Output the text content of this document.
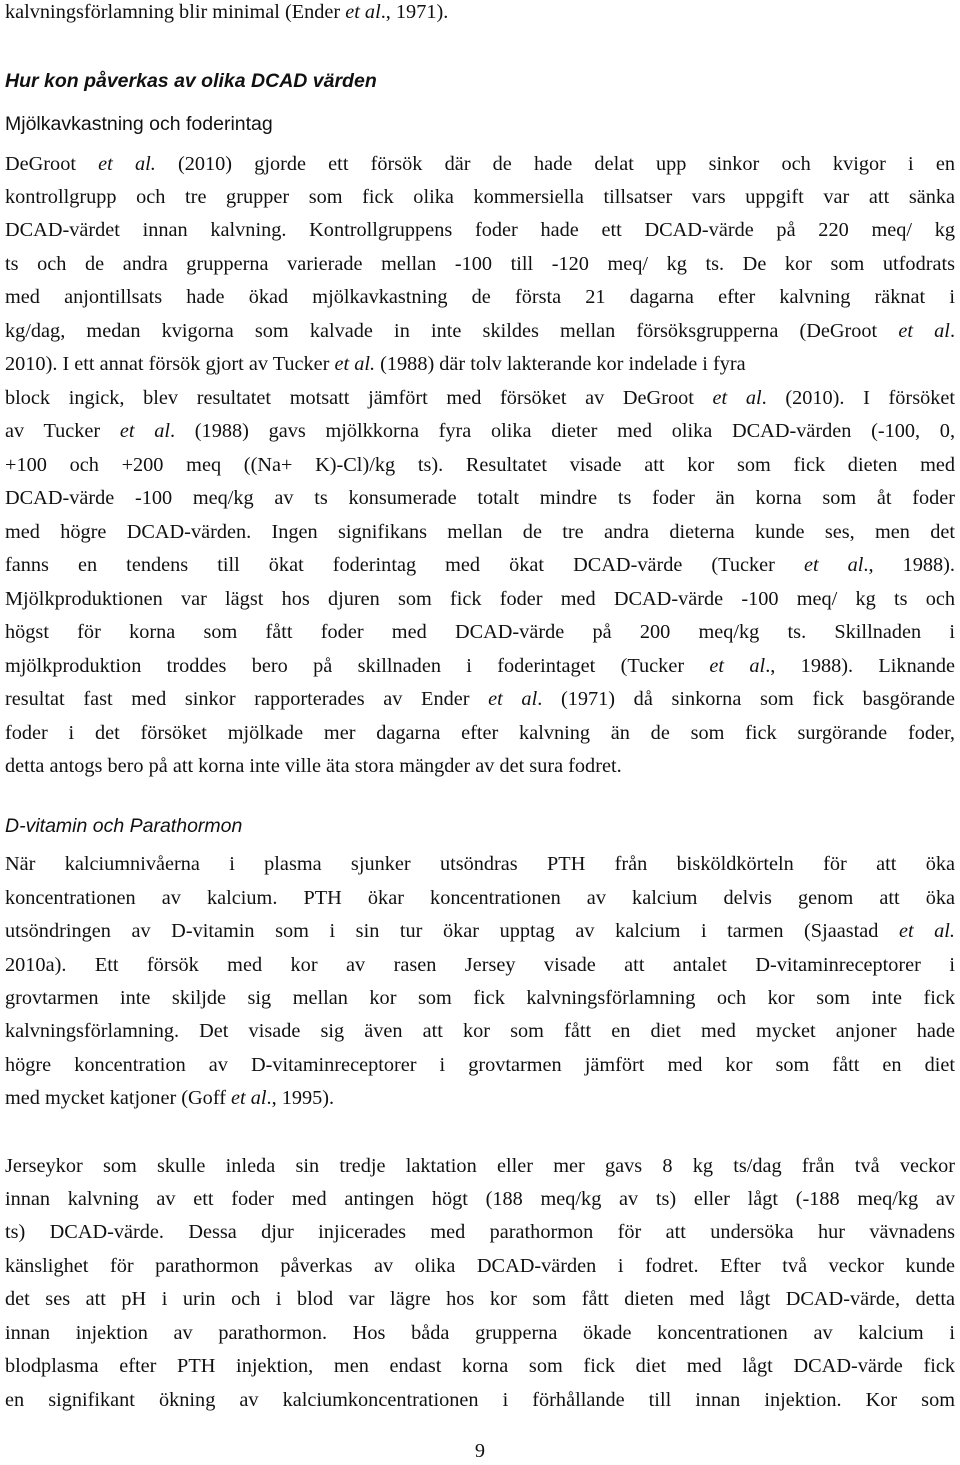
kalvningsförlamning blir minimal (Ender et al., 1971).
Hur kon påverkas av olika DCAD värden
Mjölkavkastning och foderintag
DeGroot et al. (2010) gjorde ett försök där de hade delat upp sinkor och kvigor i en
kontrollgrupp och tre grupper som fick olika kommersiella tillsatser vars uppgift var att sänka
DCAD-värdet innan kalvning. Kontrollgruppens foder hade ett DCAD-värde på 220 meq/ kg
ts och de andra grupperna varierade mellan -100 till -120 meq/ kg ts. De kor som utfodrats
med anjontillsats hade ökad mjölkavkastning de första 21 dagarna efter kalvning räknat i
kg/dag, medan kvigorna som kalvade in inte skildes mellan försöksgrupperna (DeGroot et al.
2010). I ett annat försök gjort av Tucker et al. (1988) där tolv lakterande kor indelade i fyra
block ingick, blev resultatet motsatt jämfört med försöket av DeGroot et al. (2010). I försöket
av Tucker et al. (1988) gavs mjölkkorna fyra olika dieter med olika DCAD-värden (-100, 0,
+100 och +200 meq ((Na+ K)-Cl)/kg ts). Resultatet visade att kor som fick dieten med
DCAD-värde -100 meq/kg av ts konsumerade totalt mindre ts foder än korna som åt foder
med högre DCAD-värden. Ingen signifikans mellan de tre andra dieterna kunde ses, men det
fanns en tendens till ökat foderintag med ökat DCAD-värde (Tucker et al., 1988).
Mjölkproduktionen var lägst hos djuren som fick foder med DCAD-värde -100 meq/ kg ts och
högst för korna som fått foder med DCAD-värde på 200 meq/kg ts. Skillnaden i
mjölkproduktion troddes bero på skillnaden i foderintaget (Tucker et al., 1988). Liknande
resultat fast med sinkor rapporterades av Ender et al. (1971) då sinkorna som fick basgörande
foder i det försöket mjölkade mer dagarna efter kalvning än de som fick surgörande foder,
detta antogs bero på att korna inte ville äta stora mängder av det sura fodret.
D-vitamin och Parathormon
När kalciumnivåerna i plasma sjunker utsöndras PTH från bisköldkörteln för att öka
koncentrationen av kalcium. PTH ökar koncentrationen av kalcium delvis genom att öka
utsöndringen av D-vitamin som i sin tur ökar upptag av kalcium i tarmen (Sjaastad et al.
2010a). Ett försök med kor av rasen Jersey visade att antalet D-vitaminreceptorer i
grovtarmen inte skiljde sig mellan kor som fick kalvningsförlamning och kor som inte fick
kalvningsförlamning. Det visade sig även att kor som fått en diet med mycket anjoner hade
högre koncentration av D-vitaminreceptorer i grovtarmen jämfört med kor som fått en diet
med mycket katjoner (Goff et al., 1995).
Jerseykor som skulle inleda sin tredje laktation eller mer gavs 8 kg ts/dag från två veckor
innan kalvning av ett foder med antingen högt (188 meq/kg av ts) eller lågt (-188 meq/kg av
ts) DCAD-värde. Dessa djur injicerades med parathormon för att undersöka hur vävnadens
känslighet för parathormon påverkas av olika DCAD-värden i fodret. Efter två veckor kunde
det ses att pH i urin och i blod var lägre hos kor som fått dieten med lågt DCAD-värde, detta
innan injektion av parathormon. Hos båda grupperna ökade koncentrationen av kalcium i
blodplasma efter PTH injektion, men endast korna som fick diet med lågt DCAD-värde fick
en signifikant ökning av kalciumkoncentrationen i förhållande till innan injektion. Kor som
9
